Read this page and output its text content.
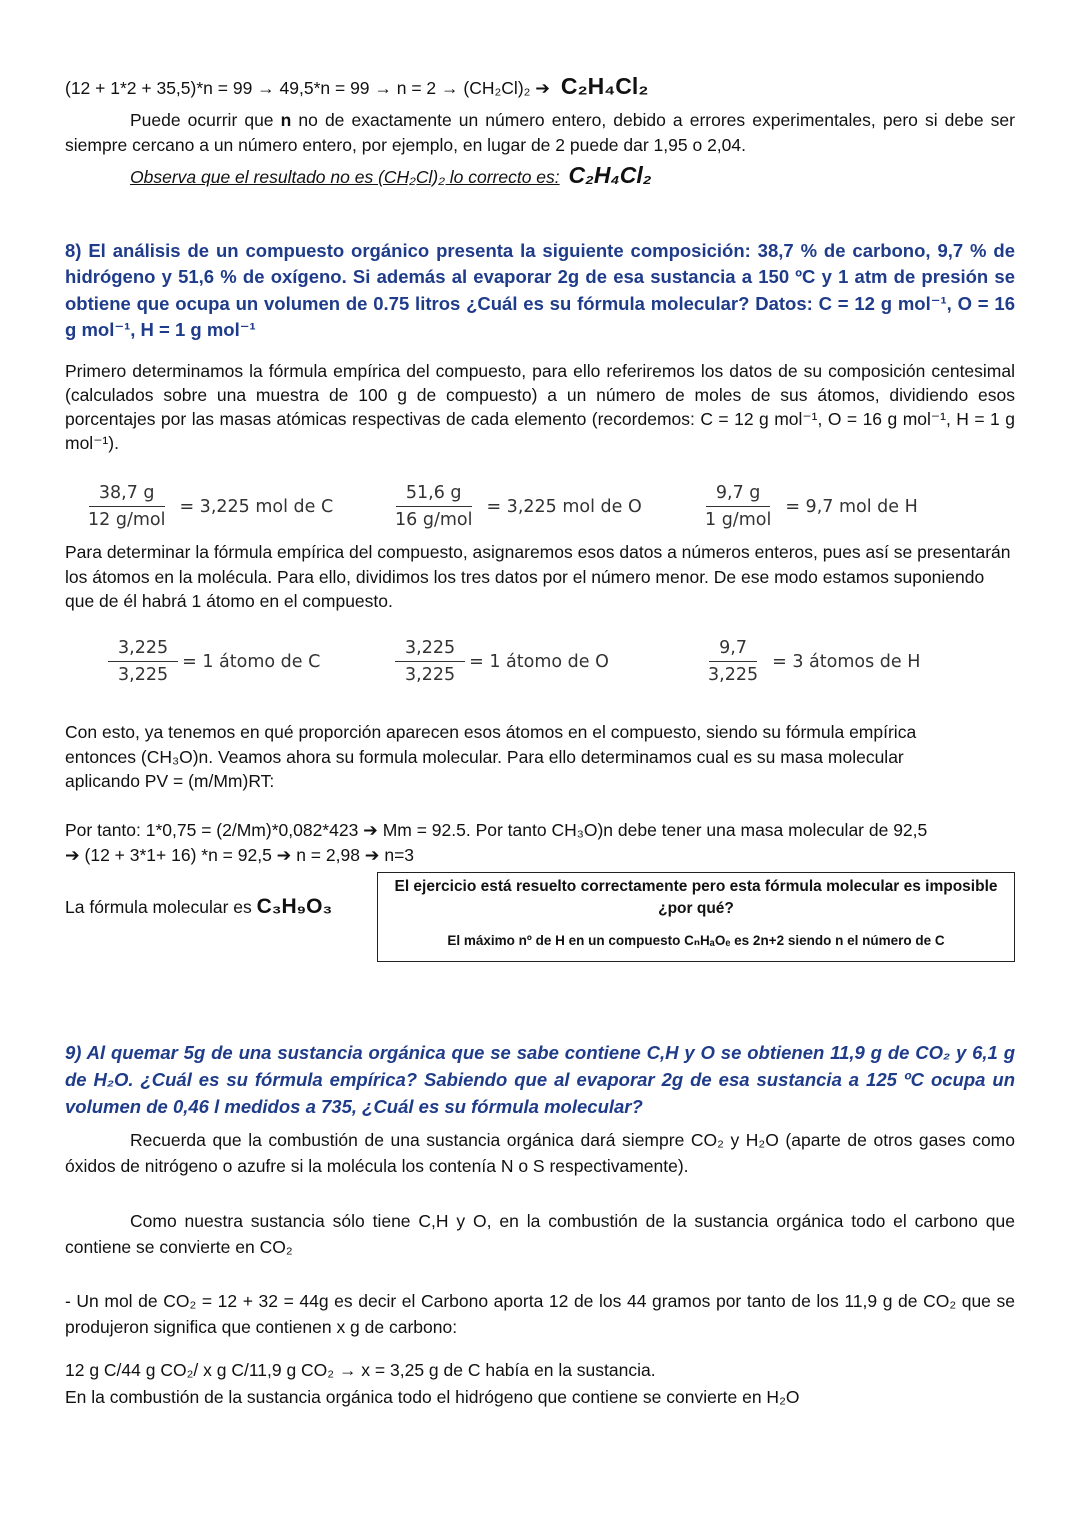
(12 + 1*2 + 35,5)*n = 99 → 49,5*n = 99 → n = 2 → (CH₂Cl)₂ ➔ C₂H₄Cl₂

Puede ocurrir que n no de exactamente un número entero, debido a errores experimentales, pero si debe ser siempre cercano a un número entero, por ejemplo, en lugar de 2 puede dar 1,95 o 2,04.

Observa que el resultado no es (CH₂Cl)₂ lo correcto es: C₂H₄Cl₂

8) El análisis de un compuesto orgánico presenta la siguiente composición: 38,7 % de carbono, 9,7 % de hidrógeno y 51,6 % de oxígeno. Si además al evaporar 2g de esa sustancia a 150 ºC y 1 atm de presión se obtiene que ocupa un volumen de 0.75 litros ¿Cuál es su fórmula molecular? Datos: C = 12 g mol⁻¹, O = 16 g mol⁻¹, H = 1 g mol⁻¹

Primero determinamos la fórmula empírica del compuesto, para ello referiremos los datos de su composición centesimal (calculados sobre una muestra de 100 g de compuesto) a un número de moles de sus átomos, dividiendo esos porcentajes por las masas atómicas respectivas de cada elemento (recordemos: C = 12 g mol⁻¹, O = 16 g mol⁻¹, H = 1 g mol⁻¹).

$\frac{38,7 g}{\text{12 g/mol}} = 3,225$ mol de C	$\frac{51,6 g}{\text{16 g/mol}} = 3,225$ mol de O	$\frac{9,7 g}{\text{1 g/mol}} = 9,7$ mol de H

Para determinar la fórmula empírica del compuesto, asignaremos esos datos a números enteros, pues así se presentarán los átomos en la molécula. Para ello, dividimos los tres datos por el número menor. De ese modo estamos suponiendo que de él habrá 1 átomo en el compuesto.

$\frac{3,225}{3,225} = 1$ átomo de C	$\frac{3,225}{3,225} = 1$ átomo de O	$\frac{9,7}{3,225} = 3$ átomos de H

Con esto, ya tenemos en qué proporción aparecen esos átomos en el compuesto, siendo su fórmula empírica entonces (CH₃O)n. Veamos ahora su formula molecular. Para ello determinamos cual es su masa molecular aplicando PV = (m/Mm)RT:

Por tanto: 1*0,75 = (2/Mm)*0,082*423 ➔ Mm = 92.5. Por tanto CH₃O)n debe tener una masa molecular de 92,5
➔ (12 + 3*1+ 16) *n = 92,5 ➔ n = 2,98 ➔ n=3
La fórmula molecular es C₃H₉O₃
El ejercicio está resuelto correctamente pero esta fórmula molecular es imposible
¿por qué?
El máximo nº de H en un compuesto CₙHₐOₑ es 2n+2 siendo n el número de C

9) Al quemar 5g de una sustancia orgánica que se sabe contiene C,H y O se obtienen 11,9 g de CO₂ y 6,1 g de H₂O. ¿Cuál es su fórmula empírica? Sabiendo que al evaporar 2g de esa sustancia a 125 ºC ocupa un volumen de 0,46 l medidos a 735, ¿Cuál es su fórmula molecular?

Recuerda que la combustión de una sustancia orgánica dará siempre CO₂ y H₂O (aparte de otros gases como óxidos de nitrógeno o azufre si la molécula los contenía N o S respectivamente).

Como nuestra sustancia sólo tiene C,H y O, en la combustión de la sustancia orgánica todo el carbono que contiene se convierte en CO₂

- Un mol de CO₂ = 12 + 32 = 44g es decir el Carbono aporta 12 de los 44 gramos por tanto de los 11,9 g de CO₂ que se produjeron significa que contienen x g de carbono:

12 g C/44 g CO₂/ x g C/11,9 g CO₂ → x = 3,25 g de C había en la sustancia.
En la combustión de la sustancia orgánica todo el hidrógeno que contiene se convierte en H₂O
